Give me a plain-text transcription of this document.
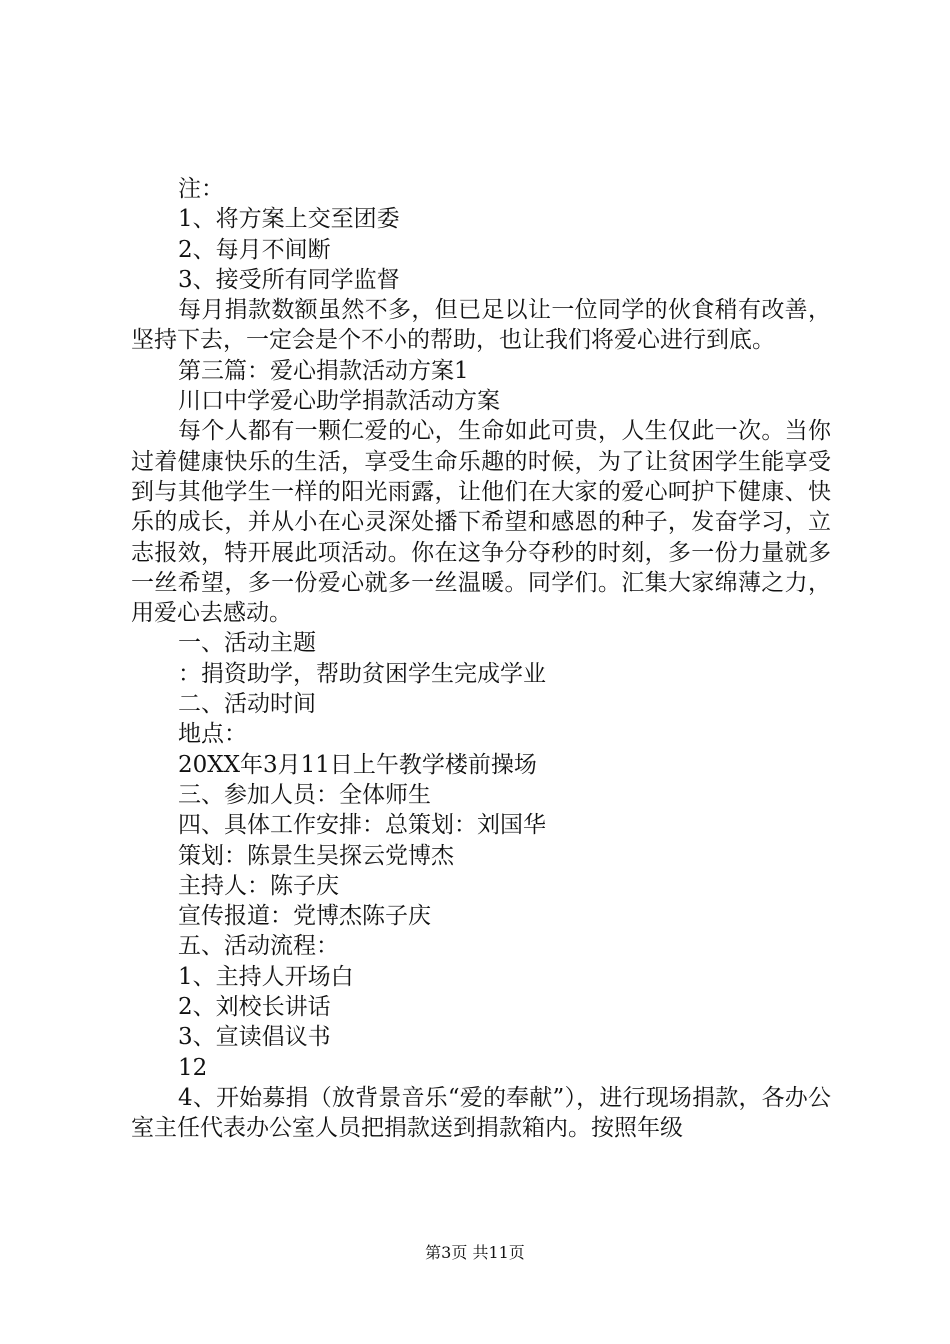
注：

1、将方案上交至团委

2、每月不间断

3、接受所有同学监督

每月捐款数额虽然不多，但已足以让一位同学的伙食稍有改善，坚持下去，一定会是个不小的帮助，也让我们将爱心进行到底。

第三篇：爱心捐款活动方案1

川口中学爱心助学捐款活动方案

每个人都有一颗仁爱的心，生命如此可贵，人生仅此一次。当你过着健康快乐的生活，享受生命乐趣的时候，为了让贫困学生能享受到与其他学生一样的阳光雨露，让他们在大家的爱心呵护下健康、快乐的成长，并从小在心灵深处播下希望和感恩的种子，发奋学习，立志报效，特开展此项活动。你在这争分夺秒的时刻，多一份力量就多一丝希望，多一份爱心就多一丝温暖。同学们。汇集大家绵薄之力，用爱心去感动。

一、活动主题

：捐资助学，帮助贫困学生完成学业

二、活动时间

地点：

20XX年3月11日上午教学楼前操场

三、参加人员：全体师生

四、具体工作安排：总策划：刘国华

策划：陈景生吴探云党博杰

主持人：陈子庆

宣传报道：党博杰陈子庆

五、活动流程：

1、主持人开场白

2、刘校长讲话

3、宣读倡议书

12

4、开始募捐（放背景音乐“爱的奉献”），进行现场捐款，各办公室主任代表办公室人员把捐款送到捐款箱内。按照年级

第3页 共11页
